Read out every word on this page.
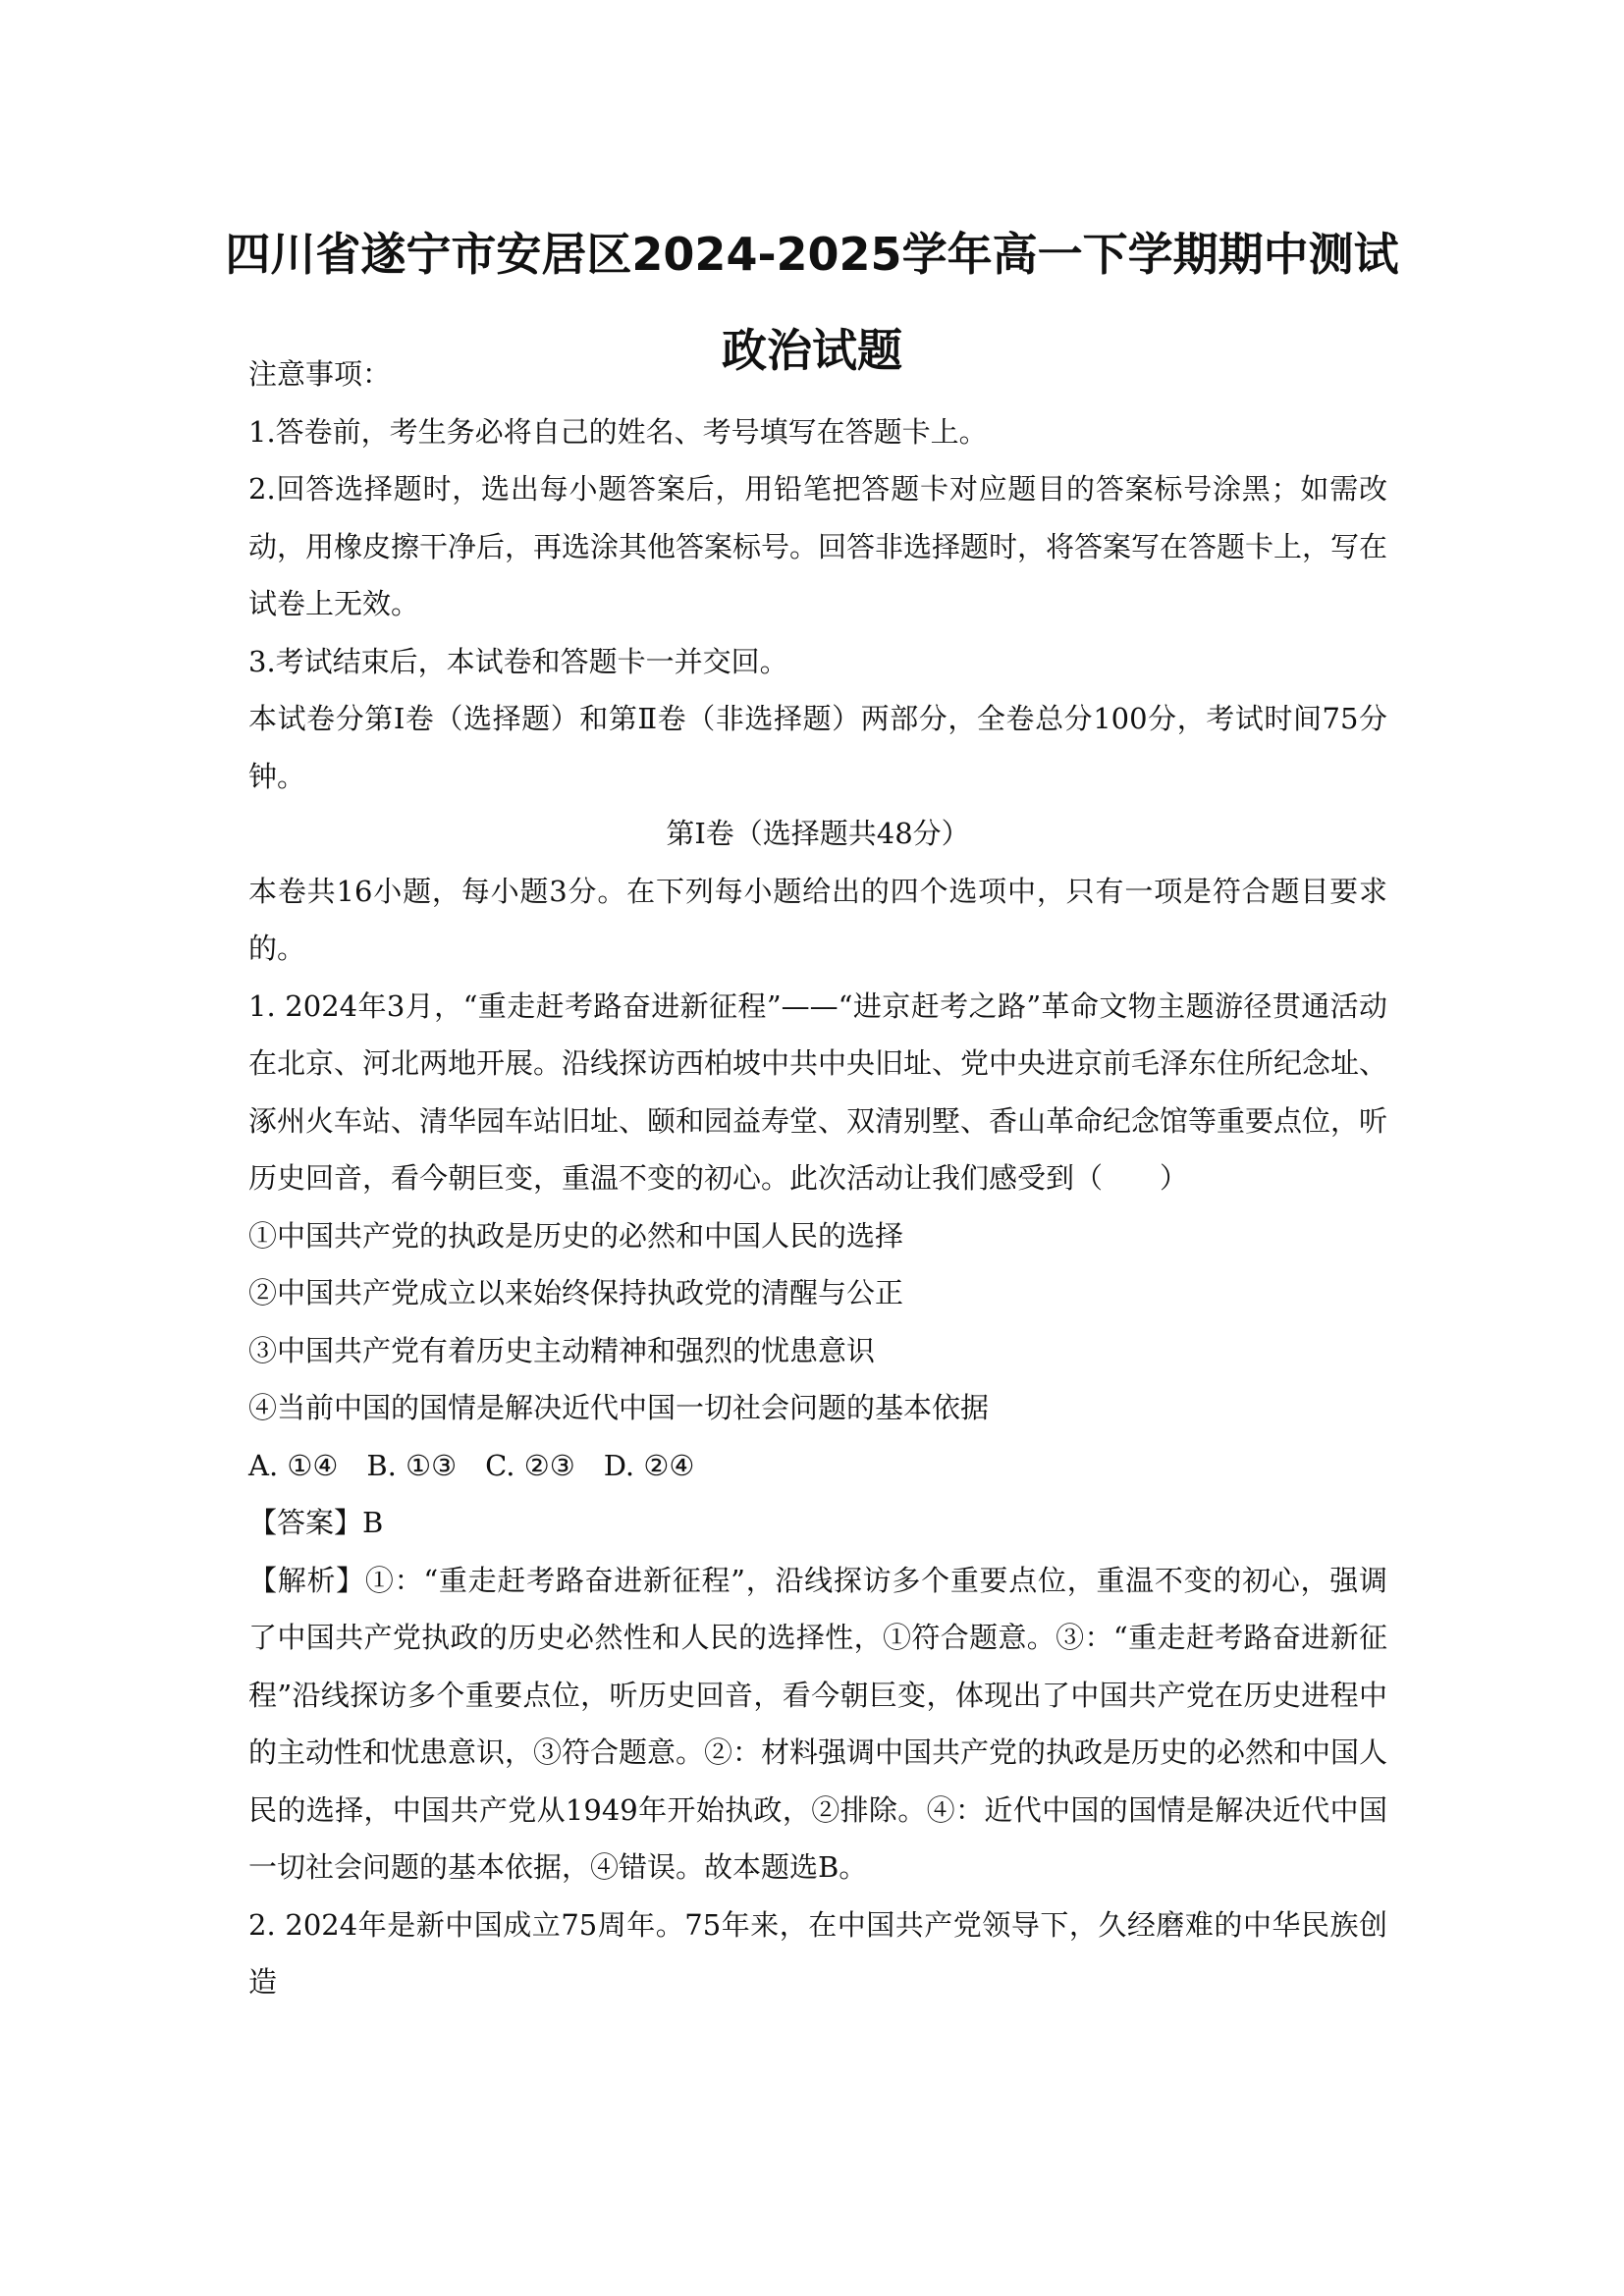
四川省遂宁市安居区2024-2025学年高一下学期期中测试
政治试题

注意事项：

1.答卷前，考生务必将自己的姓名、考号填写在答题卡上。

2.回答选择题时，选出每小题答案后，用铅笔把答题卡对应题目的答案标号涂黑；如需改动，用橡皮擦干净后，再选涂其他答案标号。回答非选择题时，将答案写在答题卡上，写在试卷上无效。

3.考试结束后，本试卷和答题卡一并交回。

本试卷分第Ⅰ卷（选择题）和第Ⅱ卷（非选择题）两部分，全卷总分100分，考试时间75分钟。

第Ⅰ卷（选择题共48分）

本卷共16小题，每小题3分。在下列每小题给出的四个选项中，只有一项是符合题目要求的。

1. 2024年3月，“重走赶考路奋进新征程”——“进京赶考之路”革命文物主题游径贯通活动在北京、河北两地开展。沿线探访西柏坡中共中央旧址、党中央进京前毛泽东住所纪念址、涿州火车站、清华园车站旧址、颐和园益寿堂、双清别墅、香山革命纪念馆等重要点位，听历史回音，看今朝巨变，重温不变的初心。此次活动让我们感受到（　　）

①中国共产党的执政是历史的必然和中国人民的选择

②中国共产党成立以来始终保持执政党的清醒与公正

③中国共产党有着历史主动精神和强烈的忧患意识

④当前中国的国情是解决近代中国一切社会问题的基本依据

A. ①④　B. ①③　C. ②③　D. ②④

【答案】B

【解析】①：“重走赶考路奋进新征程”，沿线探访多个重要点位，重温不变的初心，强调了中国共产党执政的历史必然性和人民的选择性，①符合题意。③：“重走赶考路奋进新征程”沿线探访多个重要点位，听历史回音，看今朝巨变，体现出了中国共产党在历史进程中的主动性和忧患意识，③符合题意。②：材料强调中国共产党的执政是历史的必然和中国人民的选择，中国共产党从1949年开始执政，②排除。④：近代中国的国情是解决近代中国一切社会问题的基本依据，④错误。故本题选B。

2. 2024年是新中国成立75周年。75年来，在中国共产党领导下，久经磨难的中华民族创造
